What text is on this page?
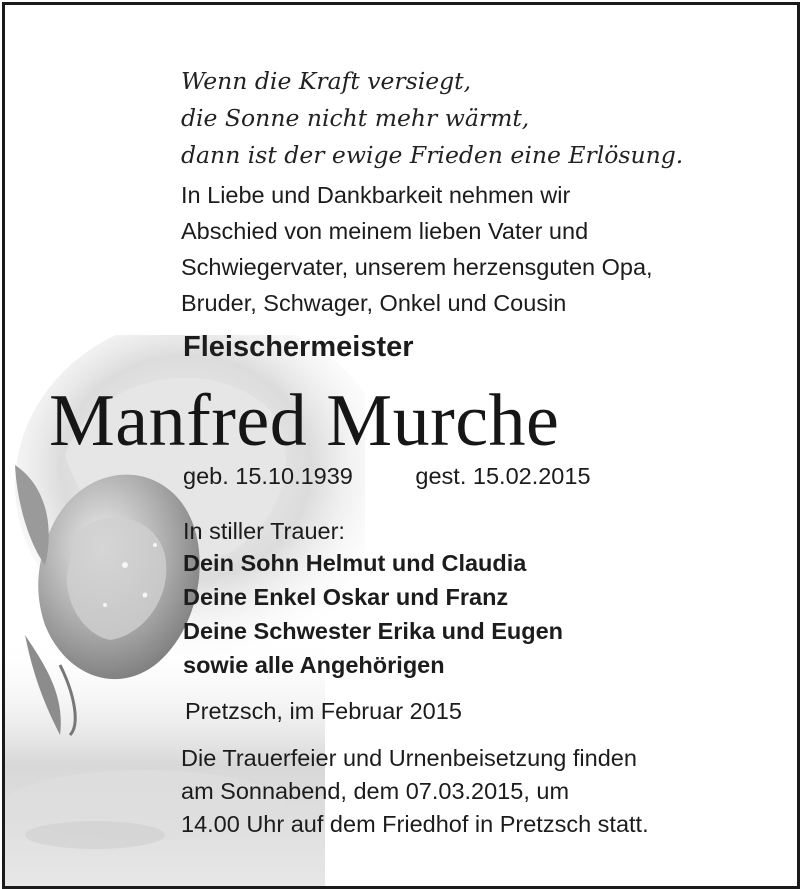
Wenn die Kraft versiegt,
die Sonne nicht mehr wärmt,
dann ist der ewige Frieden eine Erlösung.
In Liebe und Dankbarkeit nehmen wir
Abschied von meinem lieben Vater und
Schwiegervater, unserem herzensguten Opa,
Bruder, Schwager, Onkel und Cousin
Fleischermeister
Manfred Murche
geb. 15.10.1939	gest. 15.02.2015
In stiller Trauer:
Dein Sohn Helmut und Claudia
Deine Enkel Oskar und Franz
Deine Schwester Erika und Eugen
sowie alle Angehörigen
Pretzsch, im Februar 2015
Die Trauerfeier und Urnenbeisetzung finden
am Sonnabend, dem 07.03.2015, um
14.00 Uhr auf dem Friedhof in Pretzsch statt.
